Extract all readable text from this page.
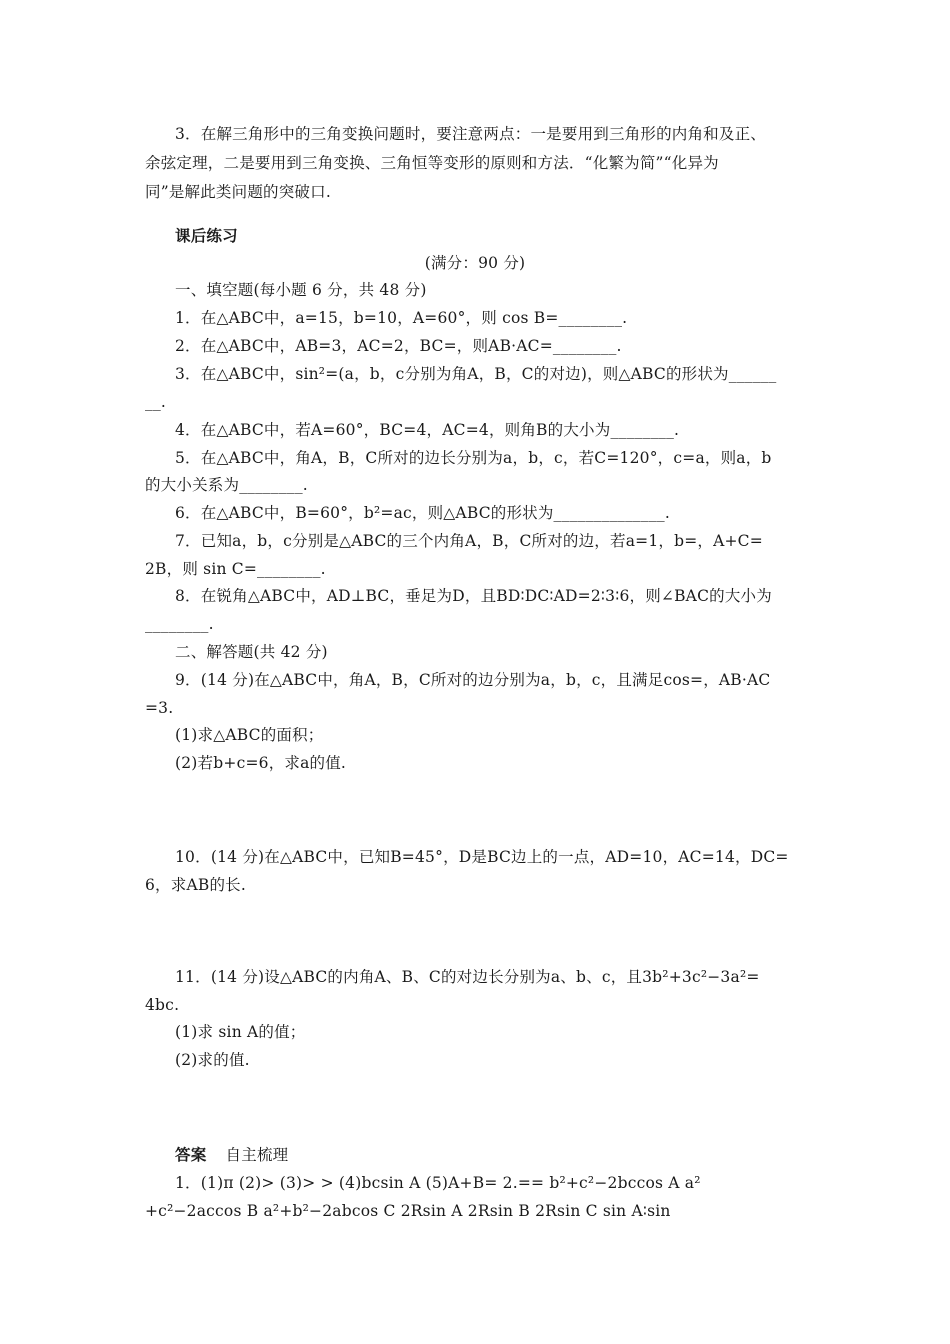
3．在解三角形中的三角变换问题时，要注意两点：一是要用到三角形的内角和及正、
余弦定理，二是要用到三角变换、三角恒等变形的原则和方法．“化繁为简”“化异为
同”是解此类问题的突破口.
课后练习
(满分：90 分)
一、填空题(每小题 6 分，共 48 分)
1．在△ABC中，a=15，b=10，A=60°，则 cos B=________.
2．在△ABC中，AB=3，AC=2，BC=，则AB·AC=________.
3．在△ABC中，sin²=(a，b，c分别为角A，B，C的对边)，则△ABC的形状为______
__.
4．在△ABC中，若A=60°，BC=4，AC=4，则角B的大小为________.
5．在△ABC中，角A，B，C所对的边长分别为a，b，c，若C=120°，c=a，则a，b
的大小关系为________.
6．在△ABC中，B=60°，b²=ac，则△ABC的形状为______________.
7．已知a，b，c分别是△ABC的三个内角A，B，C所对的边，若a=1，b=，A+C=
2B，则 sin C=________.
8．在锐角△ABC中，AD⊥BC，垂足为D，且BD∶DC∶AD=2∶3∶6，则∠BAC的大小为
________.
二、解答题(共 42 分)
9．(14 分)在△ABC中，角A，B，C所对的边分别为a，b，c，且满足cos=，AB·AC
=3.
(1)求△ABC的面积；
(2)若b+c=6，求a的值.
10．(14 分)在△ABC中，已知B=45°，D是BC边上的一点，AD=10，AC=14，DC=
6，求AB的长.
11．(14 分)设△ABC的内角A、B、C的对边长分别为a、b、c，且3b²+3c²−3a²=
4bc.
(1)求 sin A的值；
(2)求的值.
答案 自主梳理
1．(1)π (2)> (3)> > (4)bcsin A (5)A+B= 2.== b²+c²−2bccos A a²
+c²−2accos B a²+b²−2abcos C 2Rsin A 2Rsin B 2Rsin C sin A∶sin
